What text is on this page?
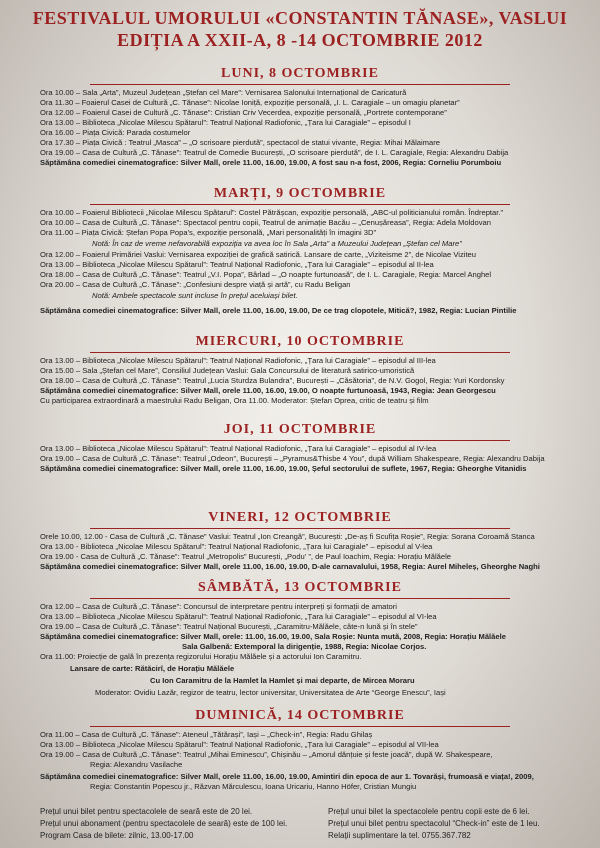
FESTIVALUL UMORULUI «CONSTANTIN TĂNASE», VASLUI
EDIȚIA A XXII-A, 8 -14 OCTOMBRIE 2012
LUNI, 8 OCTOMBRIE
Ora 10.00 – Sala „Arta”, Muzeul Județean „Ștefan cel Mare”: Vernisarea Salonului Internațional de Caricatură
Ora 11.30 – Foaierul Casei de Cultură „C. Tănase”: Nicolae Ioniță, expoziție personală, „I. L. Caragiale – un omagiu planetar”
Ora 12.00 – Foaierul Casei de Cultură „C. Tănase”: Cristian Criv Vecerdea, expoziție personală, „Portrete contemporane”
Ora 13.00 – Biblioteca „Nicolae Milescu Spătarul”: Teatrul Național Radiofonic, „Țara lui Caragiale” – episodul I
Ora 16.00 – Piața Civică: Parada costumelor
Ora 17.30 – Piața Civică : Teatrul „Masca” – „O scrisoare pierdută”, spectacol de statui vivante, Regia: Mihai Mălaimare
Ora 19.00 – Casa de Cultură „C. Tănase”: Teatrul de Comedie București, „O scrisoare pierdută”, de I. L. Caragiale, Regia: Alexandru Dabija
Săptămâna comediei cinematografice: Silver Mall, orele 11.00, 16.00, 19.00, A fost sau n-a fost, 2006, Regia: Corneliu Porumboiu
MARȚI, 9 OCTOMBRIE
Ora 10.00 – Foaierul Bibliotecii „Nicolae Milescu Spătarul”: Costel Pătrășcan, expoziție personală, „ABC-ul politicianului român. Îndreptar.”
Ora 10.00 – Casa de Cultură „C. Tănase”: Spectacol pentru copii, Teatrul de animație Bacău – „Cenușăreasa”, Regia: Adela Moldovan
Ora 11.00 – Piața Civică: Ștefan Popa Popa's, expoziție personală, „Mari personalități în imagini 3D”
Notă: În caz de vreme nefavorabilă expoziția va avea loc în Sala „Arta” a Muzeului Județean „Ștefan cel Mare”
Ora 12.00 – Foaierul Primăriei Vaslui: Vernisarea expoziției de grafică satirică. Lansare de carte, „Viziteisme 2”, de Nicolae Viziteu
Ora 13.00 – Biblioteca „Nicolae Milescu Spătarul”: Teatrul Național Radiofonic, „Țara lui Caragiale” – episodul al II-lea
Ora 18.00 – Casa de Cultură „C. Tănase”: Teatrul „V.I. Popa”, Bârlad – „O noapte furtunoasă”, de I. L. Caragiale, Regia: Marcel Anghel
Ora 20.00 – Casa de Cultură „C. Tănase”: „Confesiuni despre viață și artă”, cu Radu Beligan
Notă: Ambele spectacole sunt incluse în prețul aceluiași bilet.
Săptămâna comediei cinematografice: Silver Mall, orele 11.00, 16.00, 19.00, De ce trag clopotele, Mitică?, 1982, Regia: Lucian Pintilie
MIERCURI, 10 OCTOMBRIE
Ora 13.00 – Biblioteca „Nicolae Milescu Spătarul”: Teatrul Național Radiofonic, „Țara lui Caragiale” – episodul al III-lea
Ora 15.00 – Sala „Ștefan cel Mare”, Consiliul Județean Vaslui: Gala Concursului de literatură satirico-umoristică
Ora 18.00 – Casa de Cultură „C. Tănase”: Teatrul „Lucia Sturdza Bulandra”, București – „Căsătoria”, de N.V. Gogol, Regia: Yuri Kordonsky
Săptămâna comediei cinematografice: Silver Mall, orele 11.00, 16.00, 19.00, O noapte furtunoasă, 1943, Regia: Jean Georgescu
Cu participarea extraordinară a maestrului Radu Beligan, Ora 11.00. Moderator: Ștefan Oprea, critic de teatru și film
JOI, 11 OCTOMBRIE
Ora 13.00 – Biblioteca „Nicolae Milescu Spătarul”: Teatrul Național Radiofonic, „Țara lui Caragiale” – episodul al IV-lea
Ora 19.00 – Casa de Cultură „C. Tănase”: Teatrul „Odeon”, București – „Pyramus&Thisbe 4 You”, după William Shakespeare, Regia: Alexandru Dabija
Săptămâna comediei cinematografice: Silver Mall, orele 11.00, 16.00, 19.00, Șeful sectorului de suflete, 1967, Regia: Gheorghe Vitanidis
VINERI, 12 OCTOMBRIE
Orele 10.00, 12.00 - Casa de Cultură „C. Tănase” Vaslui: Teatrul „Ion Creangă”, București: „De-aș fi Scufița Roșie”, Regia: Sorana Coroamă Stanca
Ora 13.00 - Biblioteca „Nicolae Milescu Spătarul”: Teatrul Național Radiofonic, „Țara lui Caragiale” – episodul al V-lea
Ora 19.00 - Casa de Cultură „C. Tănase”: Teatrul „Metropolis” București, „Podu' ”, de Paul Ioachim, Regia: Horațiu Mălăele
Săptămâna comediei cinematografice: Silver Mall, orele 11.00, 16.00, 19.00, D-ale carnavalului, 1958, Regia: Aurel Miheleș, Gheorghe Naghi
SÂMBĂTĂ, 13 OCTOMBRIE
Ora 12.00 – Casa de Cultură „C. Tănase”: Concursul de interpretare pentru interpreți și formații de amatori
Ora 13.00 – Biblioteca „Nicolae Milescu Spătarul”: Teatrul Național Radiofonic, „Țara lui Caragiale” – episodul al VI-lea
Ora 19.00 – Casa de Cultură „C. Tănase”: Teatrul Național București, „Caramitru-Mălăele, câte-n lună și în stele”
Săptămâna comediei cinematografice: Silver Mall, orele: 11.00, 16.00, 19.00, Sala Roșie: Nunta mută, 2008, Regia: Horațiu Mălăele
Sala Galbenă: Extemporal la dirigenție, 1988, Regia: Nicolae Corjos.
Ora 11.00: Proiecție de gală în prezența regizorului Horațiu Mălăele și a actorului Ion Caramitru.
Lansare de carte: Rătăcirî, de Horațiu Mălăele
Cu Ion Caramitru de la Hamlet la Hamlet și mai departe, de Mircea Moraru
Moderator: Ovidiu Lazăr, regizor de teatru, lector universitar, Universitatea de Arte “George Enescu”, Iași
DUMINICĂ, 14 OCTOMBRIE
Ora 11.00 – Casa de Cultură „C. Tănase”: Ateneul „Tătărași”, Iași – „Check-in”, Regia: Radu Ghilaș
Ora 13.00 – Biblioteca „Nicolae Milescu Spătarul”: Teatrul Național Radiofonic, „Țara lui Caragiale” – episodul al VII-lea
Ora 19.00 – Casa de Cultură „C. Tănase”: Teatrul „Mihai Eminescu”, Chișinău – „Amorul dănțuie și feste joacă”, după W. Shakespeare,
Regia: Alexandru Vasilache
Săptămâna comediei cinematografice: Silver Mall, orele 11.00, 16.00, 19.00, Amintiri din epoca de aur 1. Tovarăși, frumoasă e viața!, 2009,
Regia: Constantin Popescu jr., Răzvan Mărculescu, Ioana Uricariu, Hanno Höfer, Cristian Mungiu
Prețul unui bilet pentru spectacolele de seară este de 20 lei.
Prețul unui abonament (pentru spectacolele de seară) este de 100 lei.
Program Casa de bilete: zilnic, 13.00-17.00
Prețul unui bilet la spectacolele pentru copii este de 6 lei.
Prețul unui bilet pentru spectacolul “Check-in” este de 1 leu.
Relații suplimentare la tel. 0755.367.782
